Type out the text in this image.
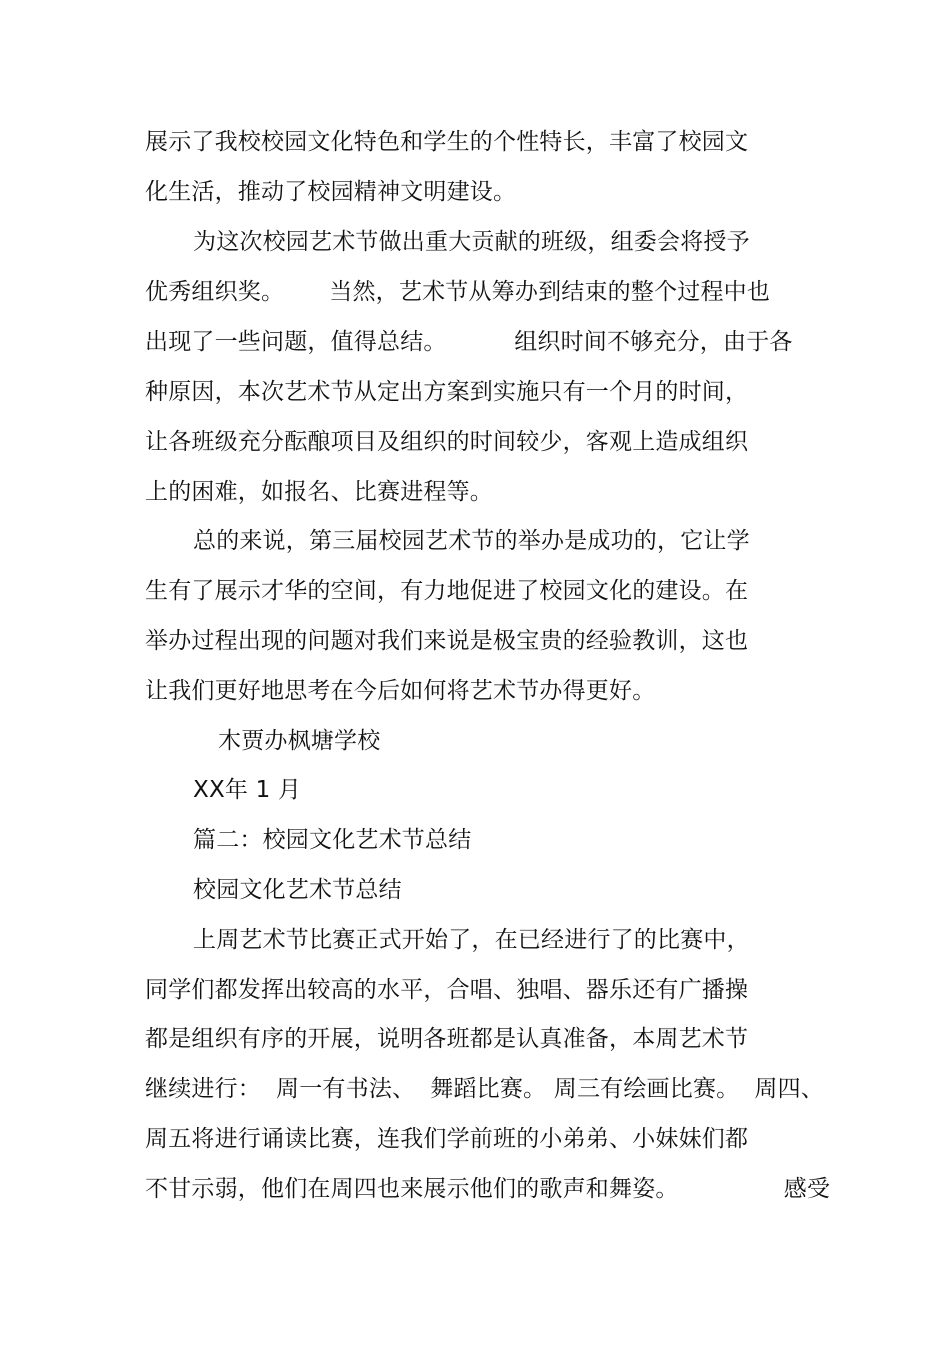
展示了我校校园文化特色和学生的个性特长，丰富了校园文
化生活，推动了校园精神文明建设。
为这次校园艺术节做出重大贡献的班级，组委会将授予
优秀组织奖。      当然，艺术节从筹办到结束的整个过程中也
出现了一些问题，值得总结。         组织时间不够充分，由于各
种原因，本次艺术节从定出方案到实施只有一个月的时间，
让各班级充分酝酿项目及组织的时间较少，客观上造成组织
上的困难，如报名、比赛进程等。
总的来说，第三届校园艺术节的举办是成功的，它让学
生有了展示才华的空间，有力地促进了校园文化的建设。在
举办过程出现的问题对我们来说是极宝贵的经验教训，这也
让我们更好地思考在今后如何将艺术节办得更好。
木贾办枫塘学校
XX年 1 月
篇二：校园文化艺术节总结
校园文化艺术节总结
上周艺术节比赛正式开始了，在已经进行了的比赛中，
同学们都发挥出较高的水平，合唱、独唱、器乐还有广播操
都是组织有序的开展，说明各班都是认真准备，本周艺术节
继续进行：  周一有书法、  舞蹈比赛。 周三有绘画比赛。  周四、
周五将进行诵读比赛，连我们学前班的小弟弟、小妹妹们都
不甘示弱，他们在周四也来展示他们的歌声和舞姿。              感受
